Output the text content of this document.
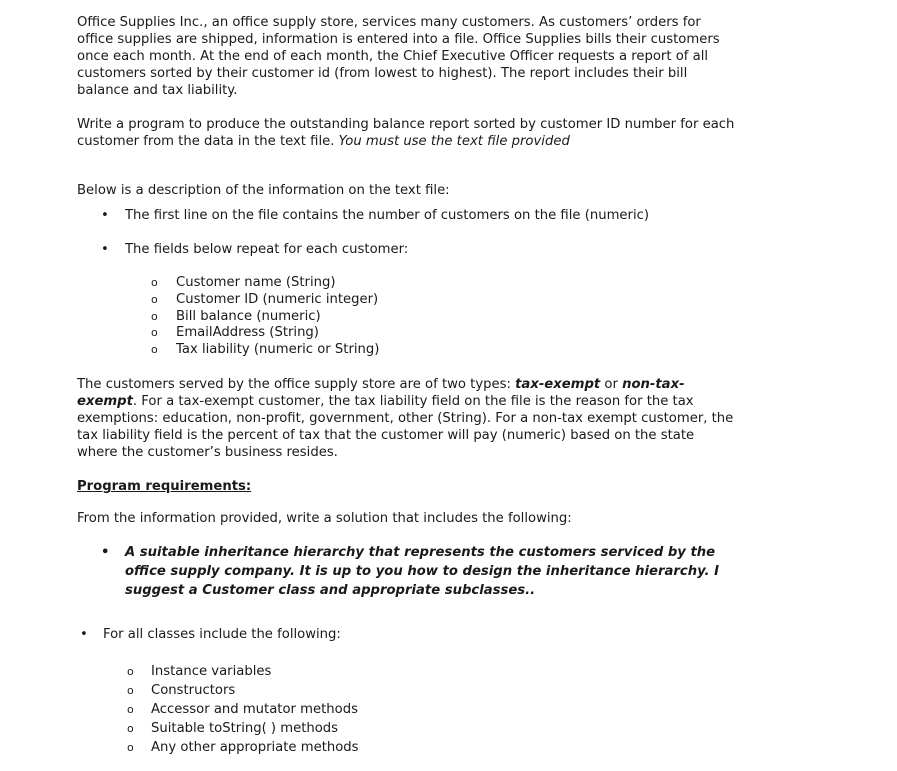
Office Supplies Inc., an office supply store, services many customers. As customers’ orders for office supplies are shipped, information is entered into a file. Office Supplies bills their customers once each month. At the end of each month, the Chief Executive Officer requests a report of all customers sorted by their customer id (from lowest to highest). The report includes their bill balance and tax liability.

Write a program to produce the outstanding balance report sorted by customer ID number for each customer from the data in the text file. You must use the text file provided

Below is a description of the information on the text file:

• The first line on the file contains the number of customers on the file (numeric)
• The fields below repeat for each customer:
o Customer name (String)
o Customer ID (numeric integer)
o Bill balance (numeric)
o EmailAddress (String)
o Tax liability (numeric or String)

The customers served by the office supply store are of two types: tax-exempt or non-tax-exempt. For a tax-exempt customer, the tax liability field on the file is the reason for the tax exemptions: education, non-profit, government, other (String). For a non-tax exempt customer, the tax liability field is the percent of tax that the customer will pay (numeric) based on the state where the customer’s business resides.

Program requirements:

From the information provided, write a solution that includes the following:

• A suitable inheritance hierarchy that represents the customers serviced by the office supply company. It is up to you how to design the inheritance hierarchy. I suggest a Customer class and appropriate subclasses..
• For all classes include the following:
o Instance variables
o Constructors
o Accessor and mutator methods
o Suitable toString( ) methods
o Any other appropriate methods
